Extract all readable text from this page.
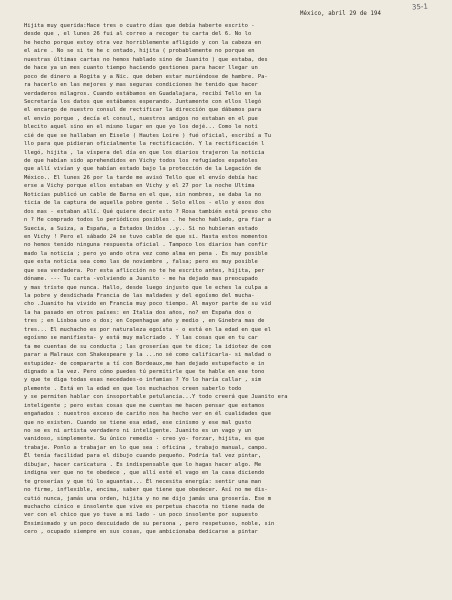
35-1
México, abril 29 de 194
Hijita muy querida:Hace tres o cuatro días que debía haberte escrito -
desde que , el lunes 26 fui al correo a recoger tu carta del 6. No lo
he hecho porque estoy otra vez horriblemente afligido y con la cabeza en
el aire . No se si te he c ontado, hijita ( probablemente no porque en
nuestras últimas cartas no hemos hablado sino de Juanito ) que estaba, des
de hace ya un mes cuanto tiempo haciendo gestiones para hacer llegar un
poco de dinero a Rogita y a Nic. que deben estar muriéndose de hambre. Pa-
ra hacerlo en las mejores y mas seguras condiciones he tenido que hacer
verdaderos milagros. Cuando estábamos en Guadalajara, recibí Tello en la
Secretaría los datos que estábamos esperando. Juntamente con ellos llegó
el encargo de nuestro consul de rectificar la dirección que dábamos para
el envío porque , decía el consul, nuestros amigos no estaban en el pue
blecito aquel sino en el mismo lugar en que yo los dejé... Como le noti
cié de que se hallaban en Eisele ( Hautes Loire ) fué oficial, escribí a Tu
llo para que pidieran oficialmente la rectificación. Y la rectificación l
llegó, hijita , la víspera del día en que los diarios trajeron la noticia
de que habían sido aprehendidos en Vichy todos los refugiados españoles
que allí vivían y que habían estado bajo la protección de la Legación de
México.. El lunes 26 por la tarde me avisó Tello que el envío debía hac
erse a Vichy porque ellos estaban en Vichy y el 27 por la noche Ultima
Noticias publicó un cable de Barna en el que, sin nombres, se daba la no
ticia de la captura de aquella pobre gente . Solo ellos - ello y esos dos
dos mas - estaban allí. Qué quiere decir esto ? Rosa también está preso cho
n ? He comprado todos lo periódicos posibles . he hecho hablado, gra fiar a
Suecia, a Suiza, a España, a Estados Unidos ..y.. Si no hubieran estado
en Vichy ! Pero el sábado 24 se tuvo cable de que si. Hasta estos momentos
no hemos tenido ninguna respuesta oficial . Tampoco los diarios han confir
mado la noticia ; pero yo ando otra vez como alma en pena . Es muy posible
que esta noticia sea como las de noviembre , falsa; pero es muy posible
que sea verdadera. Por esta aflicción no te he escrito antes, hijita, per
dóname. --- Tu carta -volviendo a Juanito - me ha dejado mas preocupado
y mas triste que nunca. Hallo, desde luego injusto que le eches la culpa a
la pobre y desdichada Francia de las maldades y del egoísmo del mucha-
cho .Juanito ha vivido en Francia muy poco tiempo. Al mayor parte de su vid
la ha pasado en otros países: en Italia dos años, no? en España dos o
tres ; en Lisboa uno o dos; en Copenhague año y medio , en Ginebra mas de
tres... El muchacho es por naturaleza egoísta - o está en la edad en que el
egoísmo se manifiesta- y está muy malcriado . Y las cosas que en tu car
ta me cuentas de su conducta ; las groserías que te dice; la idiotez de com
parar a Malraux con Shakespeare y la ...no sé como calificarla- si maldad o
estupidez- de compararte a tí con Bordeaux,me han dejado estupefacto e in
dignado a la vez. Pero cómo puedes tú permitirle que te hable en ese tono
y que te diga todas esas necedades-o infamias ? Yo lo haría callar , sim
plemente . Está en la edad en que los muchachos creen saberlo todo
y se permiten hablar con insoportable petulancia...Y todo creerá que Juanito era
inteligente ; pero estas cosas que me cuentas me hacen pensar que estamos
engañados : nuestros exceso de cariño nos ha hecho ver en él cualidades que
que no existen. Cuando se tiene esa edad, ese cinismo y ese mal gusto
no se es ni artista verdadero ni inteligente. Juanito es un vago y un
vanidoso, simplemente. Su único remedio - creo yo- forzar, hijita, es que
trabaje. Ponlo a trabajar en lo que sea : oficina , trabajo manual, campo.
Él tenía facilidad para el dibujo cuando pequeño. Podría tal vez pintar,
dibujar, hacer caricatura . Es indispensable que lo hagas hacer algo. Me
indigna ver que no te obedece , que allí esté el vago en la casa diciendo
te groserías y que tú lo aguantas... Él necesita energía: sentir una man
no firme, inflexible, encima, saber que tiene que obedecer. Así no me dis-
cutió nunca, jamás una orden, hijita y no me dijo jamás una grosería. Ese m
muchacho cínico e insolente que vive es perpetua chacota no tiene nada de
ver con el chico que yo tuve a mi lado - un poco insolente por supuesto
Ensimismado y un poco descuidado de su persona , pero respetuoso, noble, sin
cero , ocupado siempre en sus cosas, que ambicionaba dedicarse a pintar
